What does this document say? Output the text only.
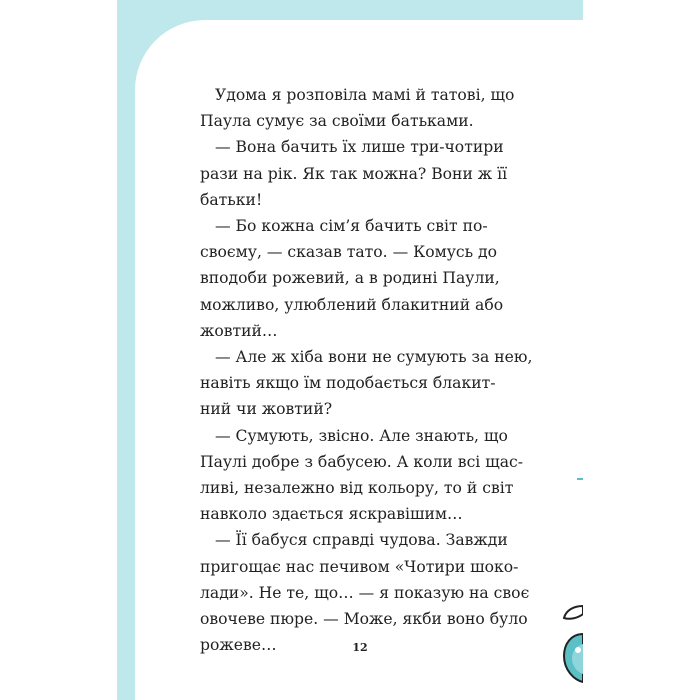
Удома я розповіла мамі й татові, що
Паула сумує за своїми батьками.
— Вона бачить їх лише три-чотири
рази на рік. Як так можна? Вони ж її
батьки!
— Бо кожна сім’я бачить світ по-
своєму, — сказав тато. — Комусь до
вподоби рожевий, а в родині Паули,
можливо, улюблений блакитний або
жовтий…
— Але ж хіба вони не сумують за нею,
навіть якщо їм подобається блакит-
ний чи жовтий?
— Сумують, звісно. Але знають, що
Паулі добре з бабусею. А коли всі щас-
ливі, незалежно від кольору, то й світ
навколо здається яскравішим…
— Її бабуся справді чудова. Завжди
пригощає нас печивом «Чотири шоко-
лади». Не те, що… — я показую на своє
овочеве пюре. — Може, якби воно було
рожеве…	12
